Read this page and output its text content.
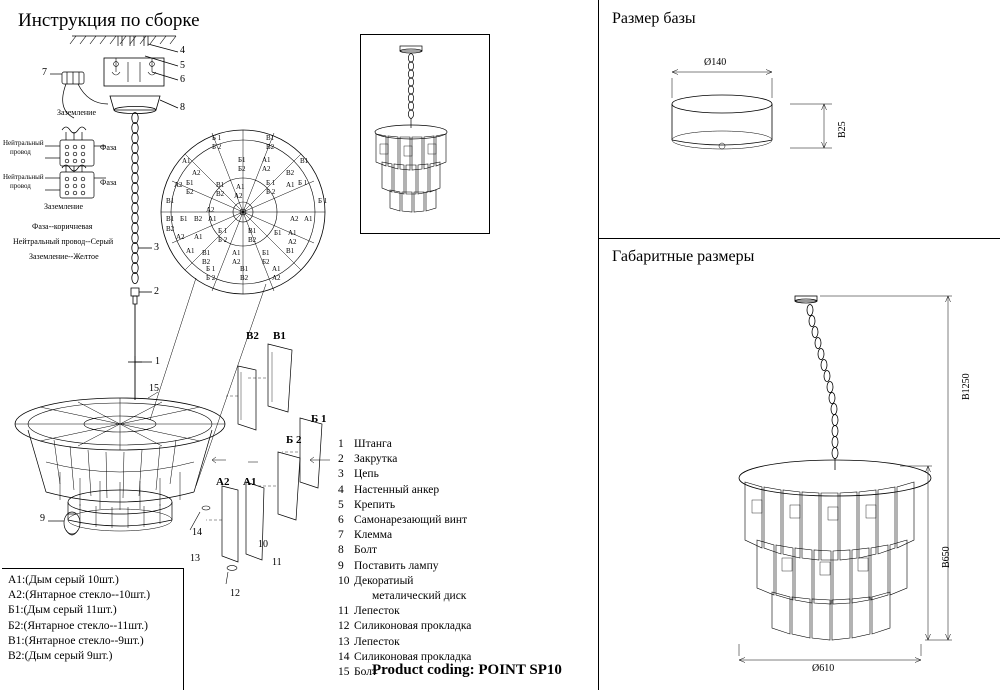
Инструкция по сборке	Размер базы
Габаритные размеры
Заземление
Нейтральный
провод
Нейтральный
провод
Фаза
Фаза
Заземление
Фаза--коричневая
Нейтральный провод--Серый
Заземление--Желтое
4
5
6
8
7
3
2
1
15
9
10
11
12
13
14
В2 В1
Б 1
Б 2
А2 А1
Б 1
Б 2
В1
В2
А1
А2
Б1
Б2
В1
В2
А1
А2
А2 Б1
Б2
В1
В2
А1
А2
Б 1
Б 2
А1 Б 1
В1
В1
В2
Б1 В2 А1
А2
А2 А1
Б 1
А2 А1
Б 1
Б 2
В1
В2
Б1 А1
А2
А1 В1
В2
А1
А2
Б1
Б2
В1
Б 1
Б 2
В1
В2
А1
А2
Ø140
В25
Ø610
В1250
В650
1 Штанга
2 Закрутка
3 Цепь
4 Настенный анкер
5 Крепить
6 Самонарезающий винт
7 Клемма
8 Болт
9 Поставить лампу
10 Декоратиый
металический диск
11 Лепесток
12 Силиконовая прокладка
13 Лепесток
14 Силиконовая прокладка
15 Болт
А1:(Дым серый 10шт.)
А2:(Янтарное стекло--10шт.)
Б1:(Дым серый 11шт.)
Б2:(Янтарное стекло--11шт.)
В1:(Янтарное стекло--9шт.)
В2:(Дым серый 9шт.)
Product coding: POINT SP10
